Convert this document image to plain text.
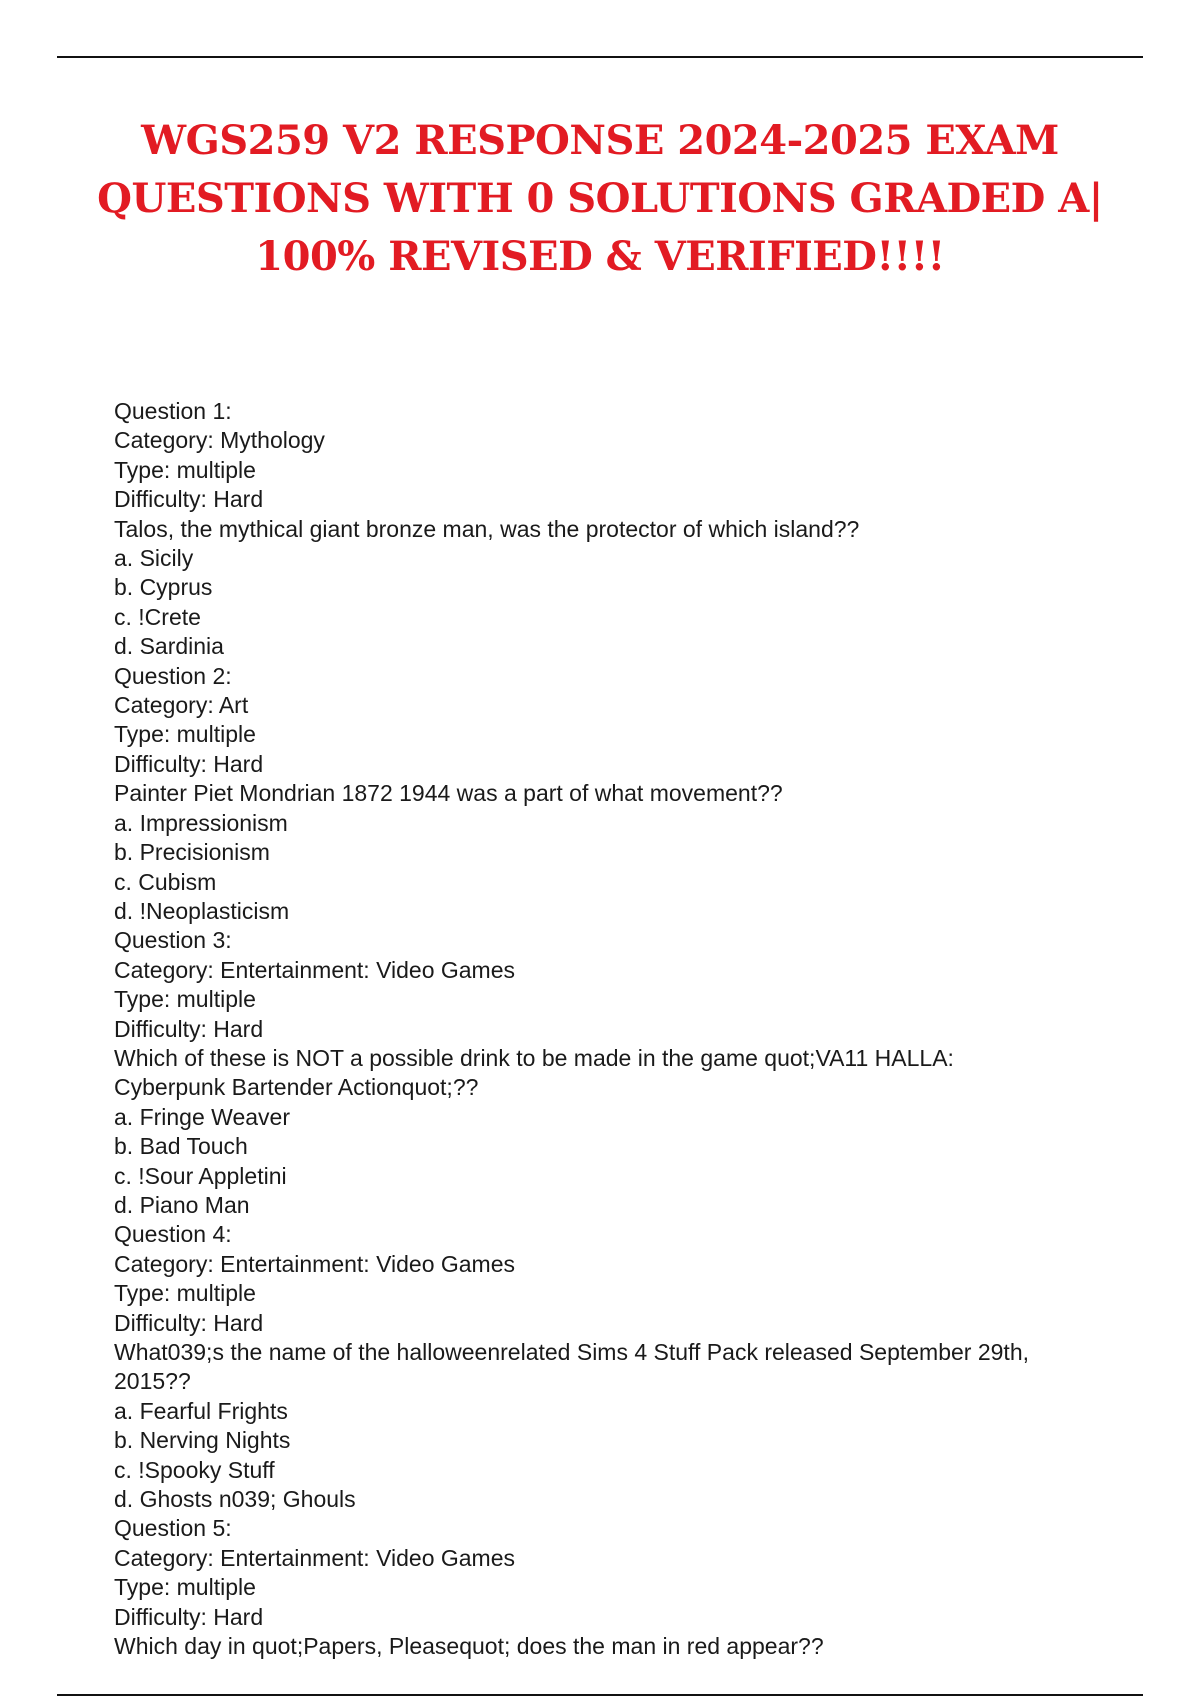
WGS259 V2 RESPONSE 2024-2025 EXAM
QUESTIONS WITH 0 SOLUTIONS GRADED A|
100% REVISED & VERIFIED!!!!
Question 1:
Category: Mythology
Type: multiple
Difficulty: Hard
Talos, the mythical giant bronze man, was the protector of which island??
a. Sicily
b. Cyprus
c. !Crete
d. Sardinia
Question 2:
Category: Art
Type: multiple
Difficulty: Hard
Painter Piet Mondrian 1872 1944 was a part of what movement??
a. Impressionism
b. Precisionism
c. Cubism
d. !Neoplasticism
Question 3:
Category: Entertainment: Video Games
Type: multiple
Difficulty: Hard
Which of these is NOT a possible drink to be made in the game quot;VA11 HALLA:
Cyberpunk Bartender Actionquot;??
a. Fringe Weaver
b. Bad Touch
c. !Sour Appletini
d. Piano Man
Question 4:
Category: Entertainment: Video Games
Type: multiple
Difficulty: Hard
What039;s the name of the halloweenrelated Sims 4 Stuff Pack released September 29th,
2015??
a. Fearful Frights
b. Nerving Nights
c. !Spooky Stuff
d. Ghosts n039; Ghouls
Question 5:
Category: Entertainment: Video Games
Type: multiple
Difficulty: Hard
Which day in quot;Papers, Pleasequot; does the man in red appear??
